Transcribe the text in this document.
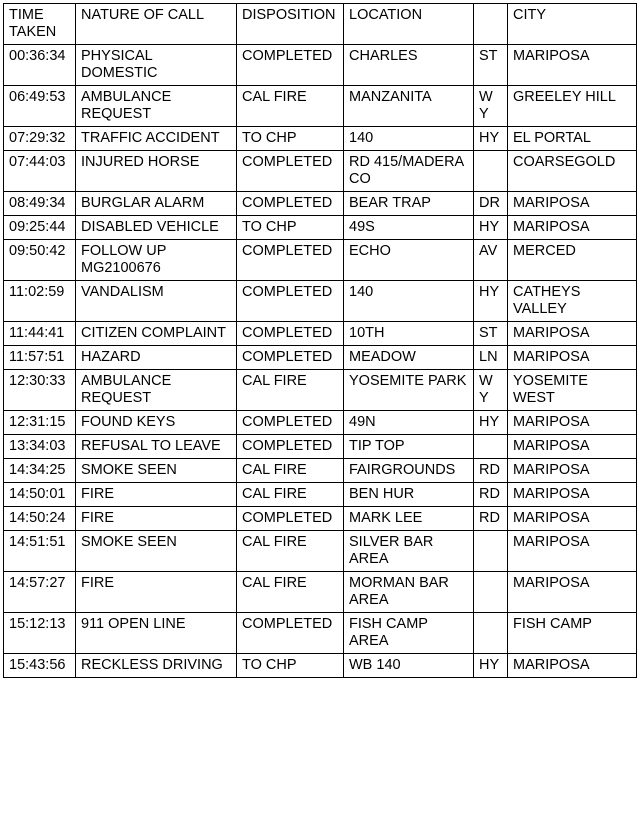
TIME TAKEN	NATURE OF CALL	DISPOSITION	LOCATION		CITY
00:36:34	PHYSICAL DOMESTIC	COMPLETED	CHARLES	ST	MARIPOSA
06:49:53	AMBULANCE REQUEST	CAL FIRE	MANZANITA	WY	GREELEY HILL
07:29:32	TRAFFIC ACCIDENT	TO CHP	140	HY	EL PORTAL
07:44:03	INJURED HORSE	COMPLETED	RD 415/MADERA CO		COARSEGOLD
08:49:34	BURGLAR ALARM	COMPLETED	BEAR TRAP	DR	MARIPOSA
09:25:44	DISABLED VEHICLE	TO CHP	49S	HY	MARIPOSA
09:50:42	FOLLOW UP MG2100676	COMPLETED	ECHO	AV	MERCED
11:02:59	VANDALISM	COMPLETED	140	HY	CATHEYS VALLEY
11:44:41	CITIZEN COMPLAINT	COMPLETED	10TH	ST	MARIPOSA
11:57:51	HAZARD	COMPLETED	MEADOW	LN	MARIPOSA
12:30:33	AMBULANCE REQUEST	CAL FIRE	YOSEMITE PARK	WY	YOSEMITE WEST
12:31:15	FOUND KEYS	COMPLETED	49N	HY	MARIPOSA
13:34:03	REFUSAL TO LEAVE	COMPLETED	TIP TOP		MARIPOSA
14:34:25	SMOKE SEEN	CAL FIRE	FAIRGROUNDS	RD	MARIPOSA
14:50:01	FIRE	CAL FIRE	BEN HUR	RD	MARIPOSA
14:50:24	FIRE	COMPLETED	MARK LEE	RD	MARIPOSA
14:51:51	SMOKE SEEN	CAL FIRE	SILVER BAR AREA		MARIPOSA
14:57:27	FIRE	CAL FIRE	MORMAN BAR AREA		MARIPOSA
15:12:13	911 OPEN LINE	COMPLETED	FISH CAMP AREA		FISH CAMP
15:43:56	RECKLESS DRIVING	TO CHP	WB 140	HY	MARIPOSA
